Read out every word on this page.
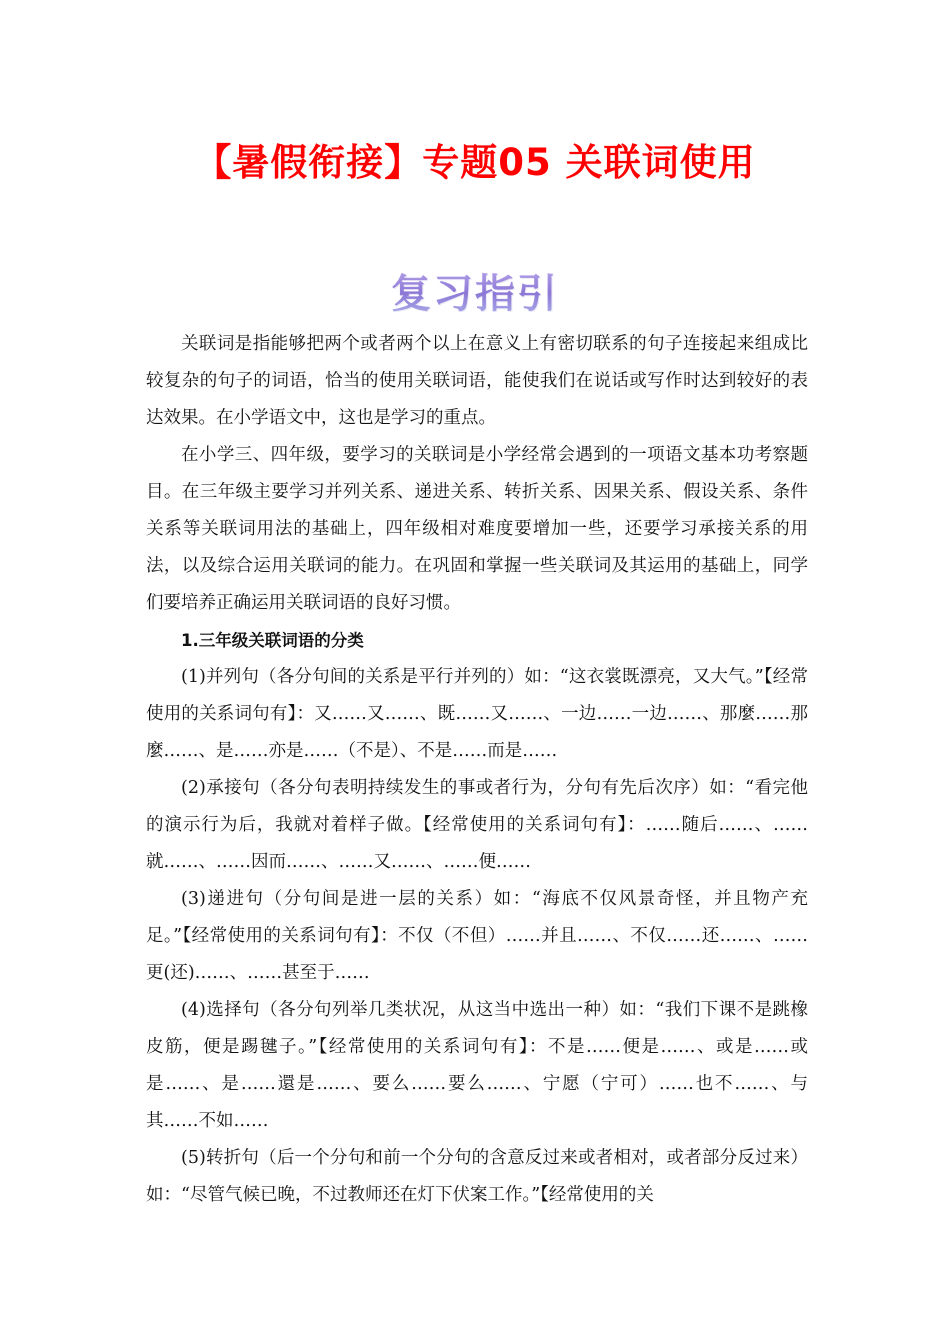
【暑假衔接】专题05 关联词使用
复习指引

关联词是指能够把两个或者两个以上在意义上有密切联系的句子连接起来组成比较复杂的句子的词语，恰当的使用关联词语，能使我们在说话或写作时达到较好的表达效果。在小学语文中，这也是学习的重点。

在小学三、四年级，要学习的关联词是小学经常会遇到的一项语文基本功考察题目。在三年级主要学习并列关系、递进关系、转折关系、因果关系、假设关系、条件关系等关联词用法的基础上，四年级相对难度要增加一些，还要学习承接关系的用法，以及综合运用关联词的能力。在巩固和掌握一些关联词及其运用的基础上，同学们要培养正确运用关联词语的良好习惯。

1.三年级关联词语的分类

(1)并列句（各分句间的关系是平行并列的）如：“这衣裳既漂亮，又大气。”【经常使用的关系词句有】：又……又……、既……又……、一边……一边……、那麼……那麼……、是……亦是……（不是）、不是……而是……

(2)承接句（各分句表明持续发生的事或者行为，分句有先后次序）如：“看完他的演示行为后，我就对着样子做。【经常使用的关系词句有】：……随后……、……就……、……因而……、……又……、……便……

(3)递进句（分句间是进一层的关系）如：“海底不仅风景奇怪，并且物产充足。”【经常使用的关系词句有】：不仅（不但）……并且……、不仅……还……、……更(还)……、……甚至于……

(4)选择句（各分句列举几类状况，从这当中选出一种）如：“我们下课不是跳橡皮筋，便是踢毽子。”【经常使用的关系词句有】：不是……便是……、或是……或是……、是……還是……、要么……要么……、宁愿（宁可）……也不……、与其……不如……

(5)转折句（后一个分句和前一个分句的含意反过来或者相对，或者部分反过来）如：“尽管气候已晚，不过教师还在灯下伏案工作。”【经常使用的关
